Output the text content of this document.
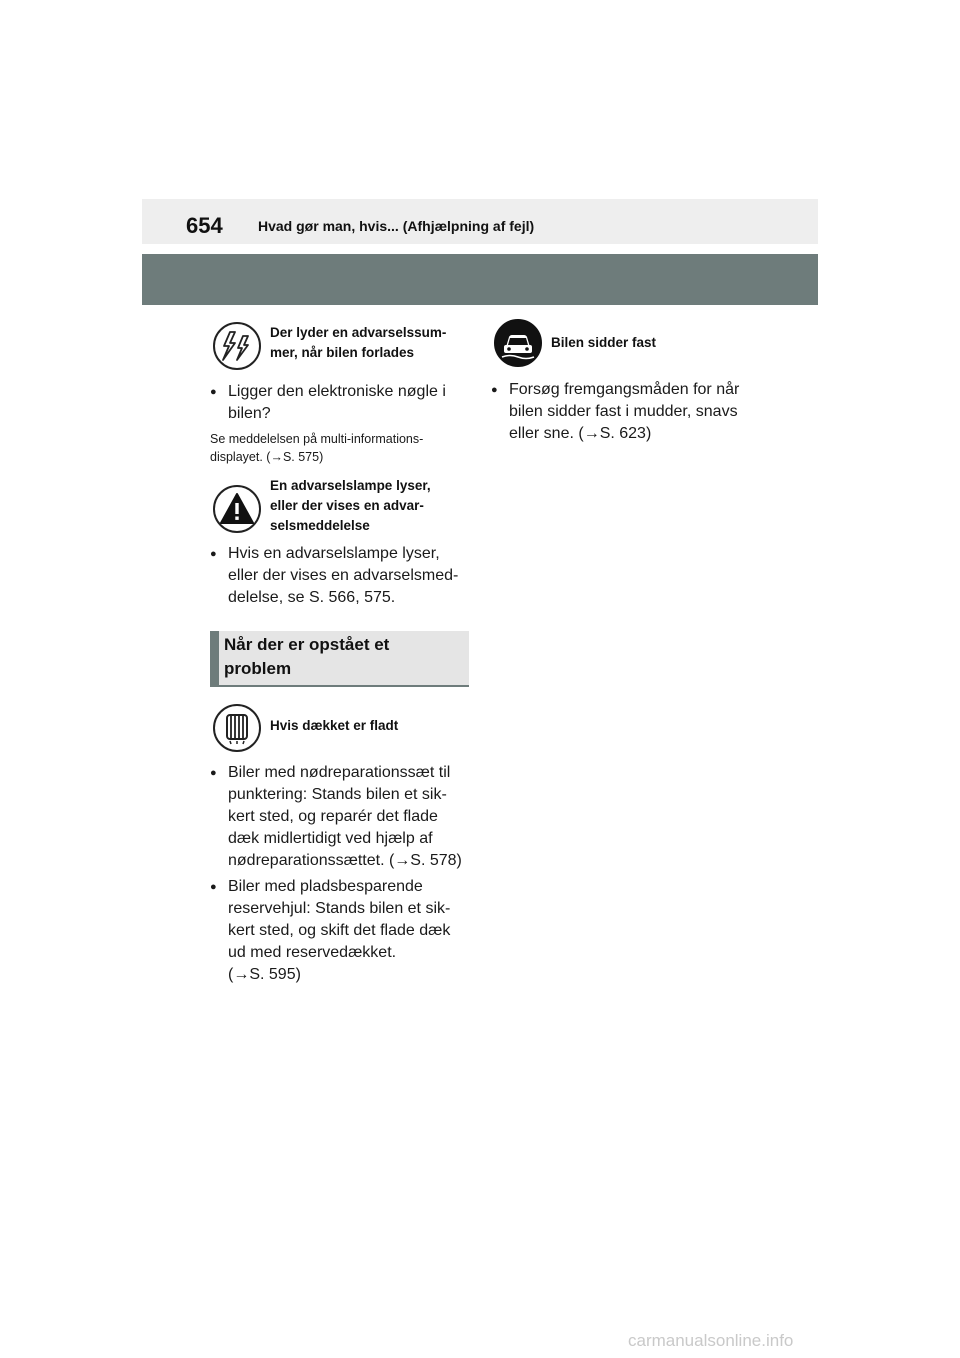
654	Hvad gør man, hvis... (Afhjælpning af fejl)
Der lyder en advarselssum-
mer, når bilen forlades
● Ligger den elektroniske nøgle i
bilen?
Se meddelelsen på multi-informations-
displayet. (→S. 575)
En advarselslampe lyser,
eller der vises en advar-
selsmeddelelse
● Hvis en advarselslampe lyser,
eller der vises en advarselsmed-
delelse, se S. 566, 575.
Når der er opstået et
problem
Hvis dækket er fladt
● Biler med nødreparationssæt til
punktering: Stands bilen et sik-
kert sted, og reparér det flade
dæk midlertidigt ved hjælp af
nødreparationssættet. (→S. 578)
● Biler med pladsbesparende
reservehjul: Stands bilen et sik-
kert sted, og skift det flade dæk
ud med reservedækket.
(→S. 595)
Bilen sidder fast
● Forsøg fremgangsmåden for når
bilen sidder fast i mudder, snavs
eller sne. (→S. 623)
carmanualsonline.info
